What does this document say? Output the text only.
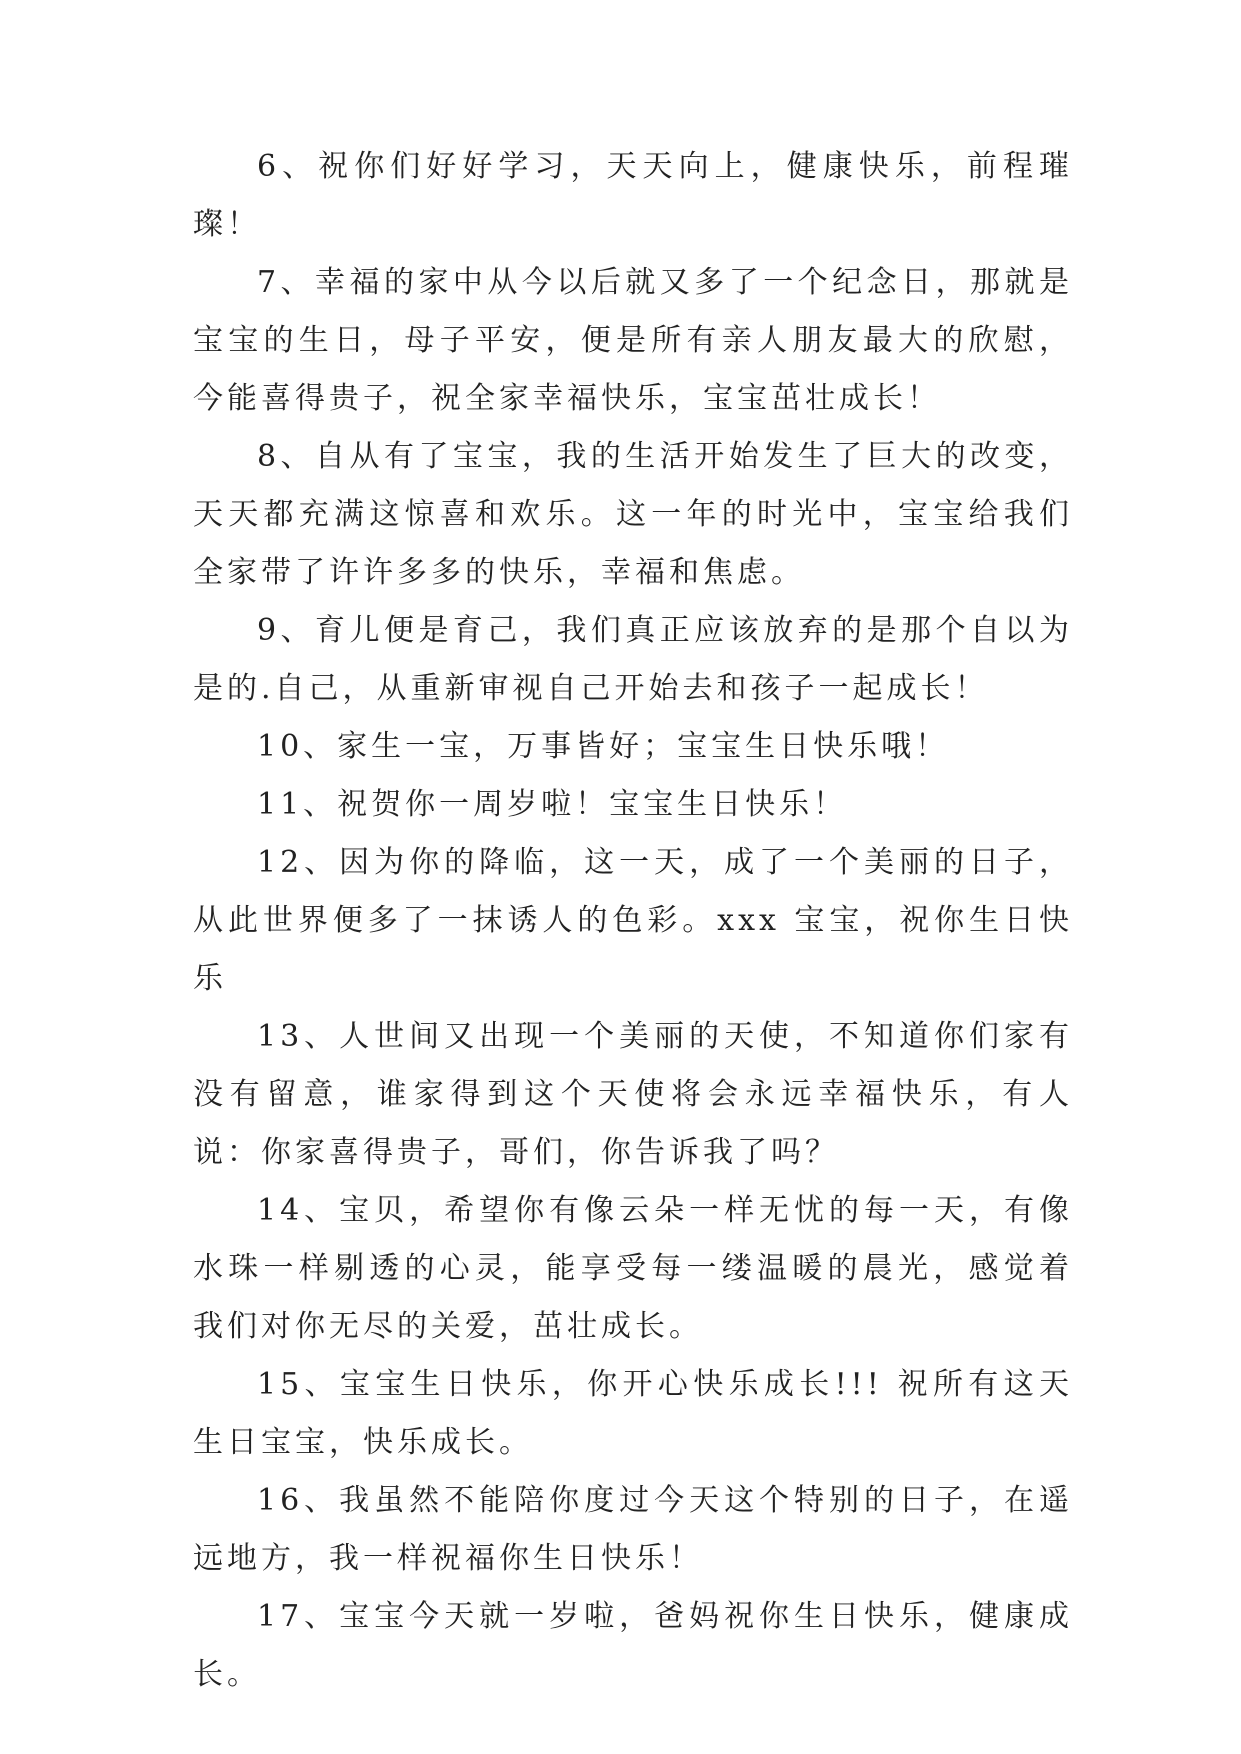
6、祝你们好好学习，天天向上，健康快乐，前程璀璨！

7、幸福的家中从今以后就又多了一个纪念日，那就是宝宝的生日，母子平安，便是所有亲人朋友最大的欣慰，今能喜得贵子，祝全家幸福快乐，宝宝茁壮成长！

8、自从有了宝宝，我的生活开始发生了巨大的改变，天天都充满这惊喜和欢乐。这一年的时光中，宝宝给我们全家带了许许多多的快乐，幸福和焦虑。

9、育儿便是育己，我们真正应该放弃的是那个自以为是的.自己，从重新审视自己开始去和孩子一起成长！

10、家生一宝，万事皆好；宝宝生日快乐哦！

11、祝贺你一周岁啦！宝宝生日快乐！

12、因为你的降临，这一天，成了一个美丽的日子，从此世界便多了一抹诱人的色彩。xxx 宝宝，祝你生日快乐

13、人世间又出现一个美丽的天使，不知道你们家有没有留意，谁家得到这个天使将会永远幸福快乐，有人说：你家喜得贵子，哥们，你告诉我了吗？

14、宝贝，希望你有像云朵一样无忧的每一天，有像水珠一样剔透的心灵，能享受每一缕温暖的晨光，感觉着我们对你无尽的关爱，茁壮成长。

15、宝宝生日快乐，你开心快乐成长!!! 祝所有这天生日宝宝，快乐成长。

16、我虽然不能陪你度过今天这个特别的日子，在遥远地方，我一样祝福你生日快乐！

17、宝宝今天就一岁啦，爸妈祝你生日快乐，健康成长。
